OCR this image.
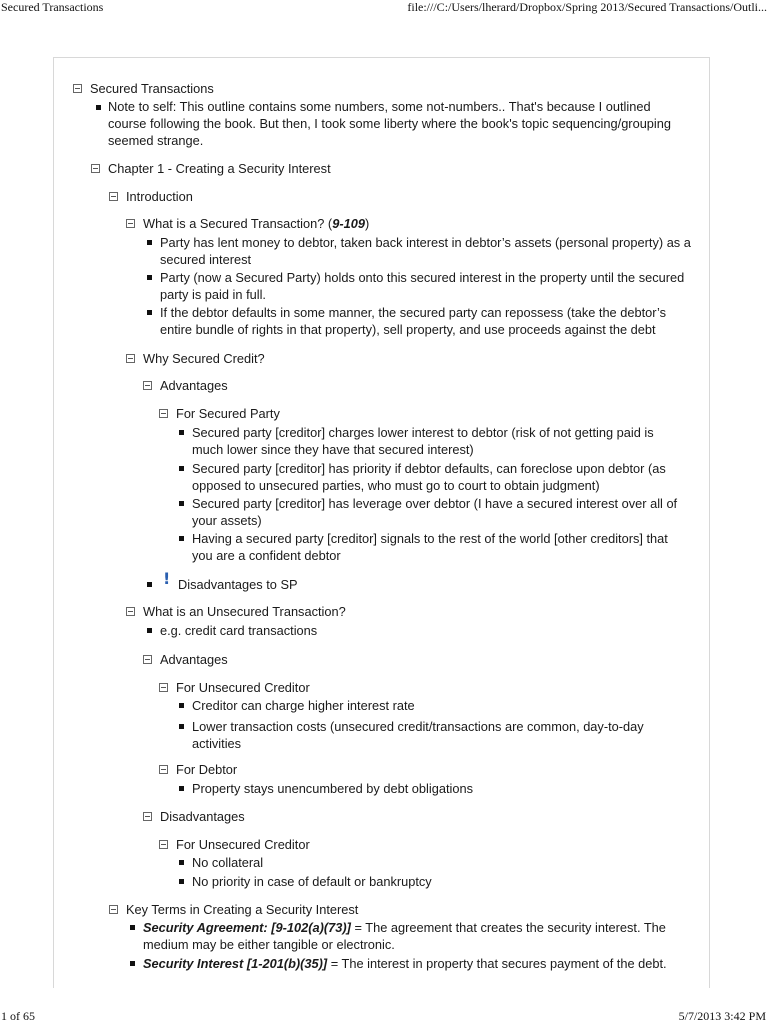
Secured Transactions	file:///C:/Users/lherard/Dropbox/Spring 2013/Secured Transactions/Outli...
Secured Transactions
Note to self: This outline contains some numbers, some not-numbers.. That's because I outlined course following the book. But then, I took some liberty where the book's topic sequencing/grouping seemed strange.
Chapter 1 - Creating a Security Interest
Introduction
What is a Secured Transaction? (9-109)
Party has lent money to debtor, taken back interest in debtor’s assets (personal property) as a secured interest
Party (now a Secured Party) holds onto this secured interest in the property until the secured party is paid in full.
If the debtor defaults in some manner, the secured party can repossess (take the debtor’s entire bundle of rights in that property), sell property, and use proceeds against the debt
Why Secured Credit?
Advantages
For Secured Party
Secured party [creditor] charges lower interest to debtor (risk of not getting paid is much lower since they have that secured interest)
Secured party [creditor] has priority if debtor defaults, can foreclose upon debtor (as opposed to unsecured parties, who must go to court to obtain judgment)
Secured party [creditor] has leverage over debtor (I have a secured interest over all of your assets)
Having a secured party [creditor] signals to the rest of the world [other creditors] that you are a confident debtor
! Disadvantages to SP
What is an Unsecured Transaction?
e.g. credit card transactions
Advantages
For Unsecured Creditor
Creditor can charge higher interest rate
Lower transaction costs (unsecured credit/transactions are common, day-to-day activities
For Debtor
Property stays unencumbered by debt obligations
Disadvantages
For Unsecured Creditor
No collateral
No priority in case of default or bankruptcy
Key Terms in Creating a Security Interest
Security Agreement: [9-102(a)(73)] = The agreement that creates the security interest. The medium may be either tangible or electronic.
Security Interest [1-201(b)(35)] = The interest in property that secures payment of the debt.
1 of 65	5/7/2013 3:42 PM
